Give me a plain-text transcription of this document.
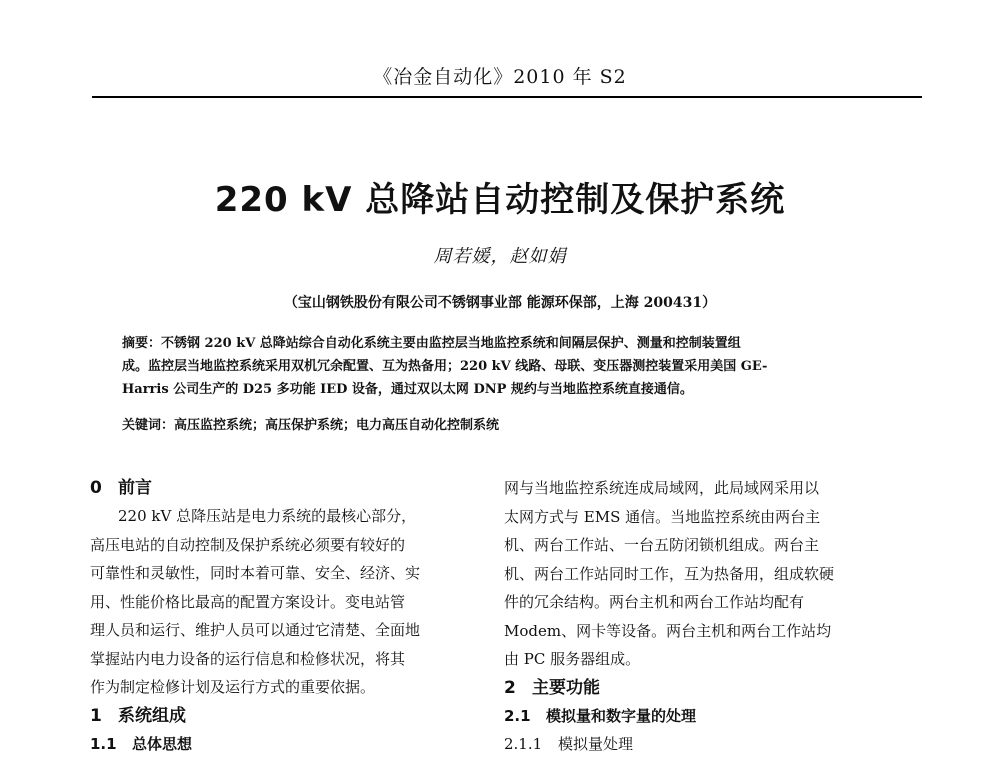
《冶金自动化》2010 年 S2
220 kV 总降站自动控制及保护系统
周若媛，赵如娟
（宝山钢铁股份有限公司不锈钢事业部 能源环保部，上海 200431）
摘要：不锈钢 220 kV 总降站综合自动化系统主要由监控层当地监控系统和间隔层保护、测量和控制装置组
成。监控层当地监控系统采用双机冗余配置、互为热备用；220 kV 线路、母联、变压器测控装置采用美国 GE-
Harris 公司生产的 D25 多功能 IED 设备，通过双以太网 DNP 规约与当地监控系统直接通信。
关键词：高压监控系统；高压保护系统；电力高压自动化控制系统
0 前言
220 kV 总降压站是电力系统的最核心部分，
高压电站的自动控制及保护系统必须要有较好的
可靠性和灵敏性，同时本着可靠、安全、经济、实
用、性能价格比最高的配置方案设计。变电站管
理人员和运行、维护人员可以通过它清楚、全面地
掌握站内电力设备的运行信息和检修状况，将其
作为制定检修计划及运行方式的重要依据。
1 系统组成
1.1 总体思想
网与当地监控系统连成局域网，此局域网采用以
太网方式与 EMS 通信。当地监控系统由两台主
机、两台工作站、一台五防闭锁机组成。两台主
机、两台工作站同时工作，互为热备用，组成软硬
件的冗余结构。两台主机和两台工作站均配有
Modem、网卡等设备。两台主机和两台工作站均
由 PC 服务器组成。
2 主要功能
2.1 模拟量和数字量的处理
2.1.1 模拟量处理
